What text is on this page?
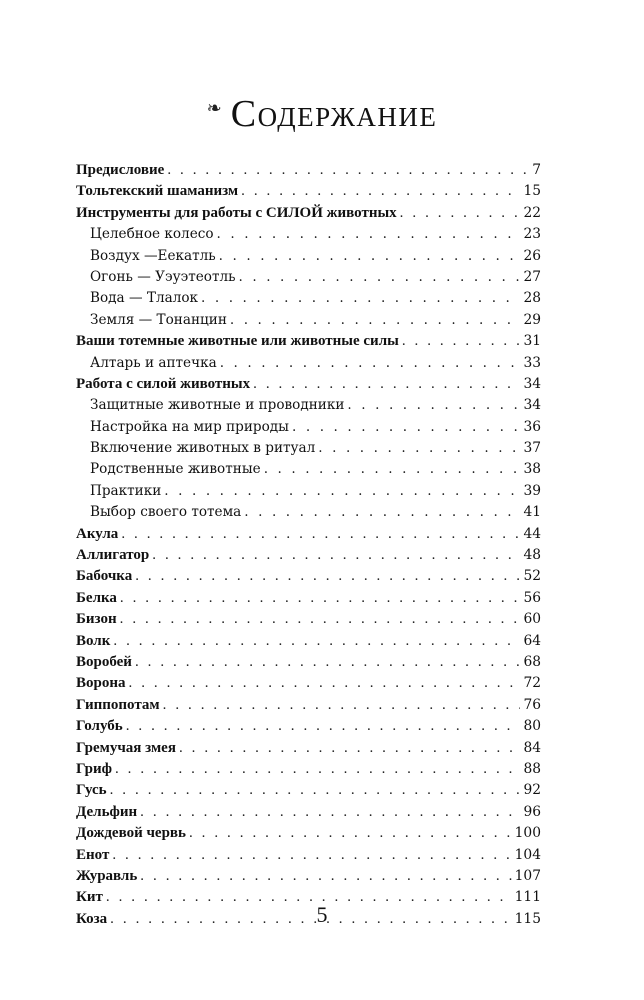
❧ Содержание
Предисловие . . .	7
Тольтекский шаманизм . . .	15
Инструменты для работы с СИЛОЙ животных . . .	22
Целебное колесо . . .	23
Воздух —Еекатль . . .	26
Огонь — Уэуэтеотль . . .	27
Вода — Тлалок . . .	28
Земля — Тонанцин . . .	29
Ваши тотемные животные или животные силы . . .	31
Алтарь и аптечка . . .	33
Работа с силой животных . . .	34
Защитные животные и проводники . . .	34
Настройка на мир природы . . .	36
Включение животных в ритуал . . .	37
Родственные животные . . .	38
Практики . . .	39
Выбор своего тотема . . .	41
Акула . . .	44
Аллигатор . . .	48
Бабочка . . .	52
Белка . . .	56
Бизон . . .	60
Волк . . .	64
Воробей . . .	68
Ворона . . .	72
Гиппопотам . . .	76
Голубь . . .	80
Гремучая змея . . .	84
Гриф . . .	88
Гусь . . .	92
Дельфин . . .	96
Дождевой червь . . .	100
Енот . . .	104
Журавль . . .	107
Кит . . .	111
Коза . . .	115
5
